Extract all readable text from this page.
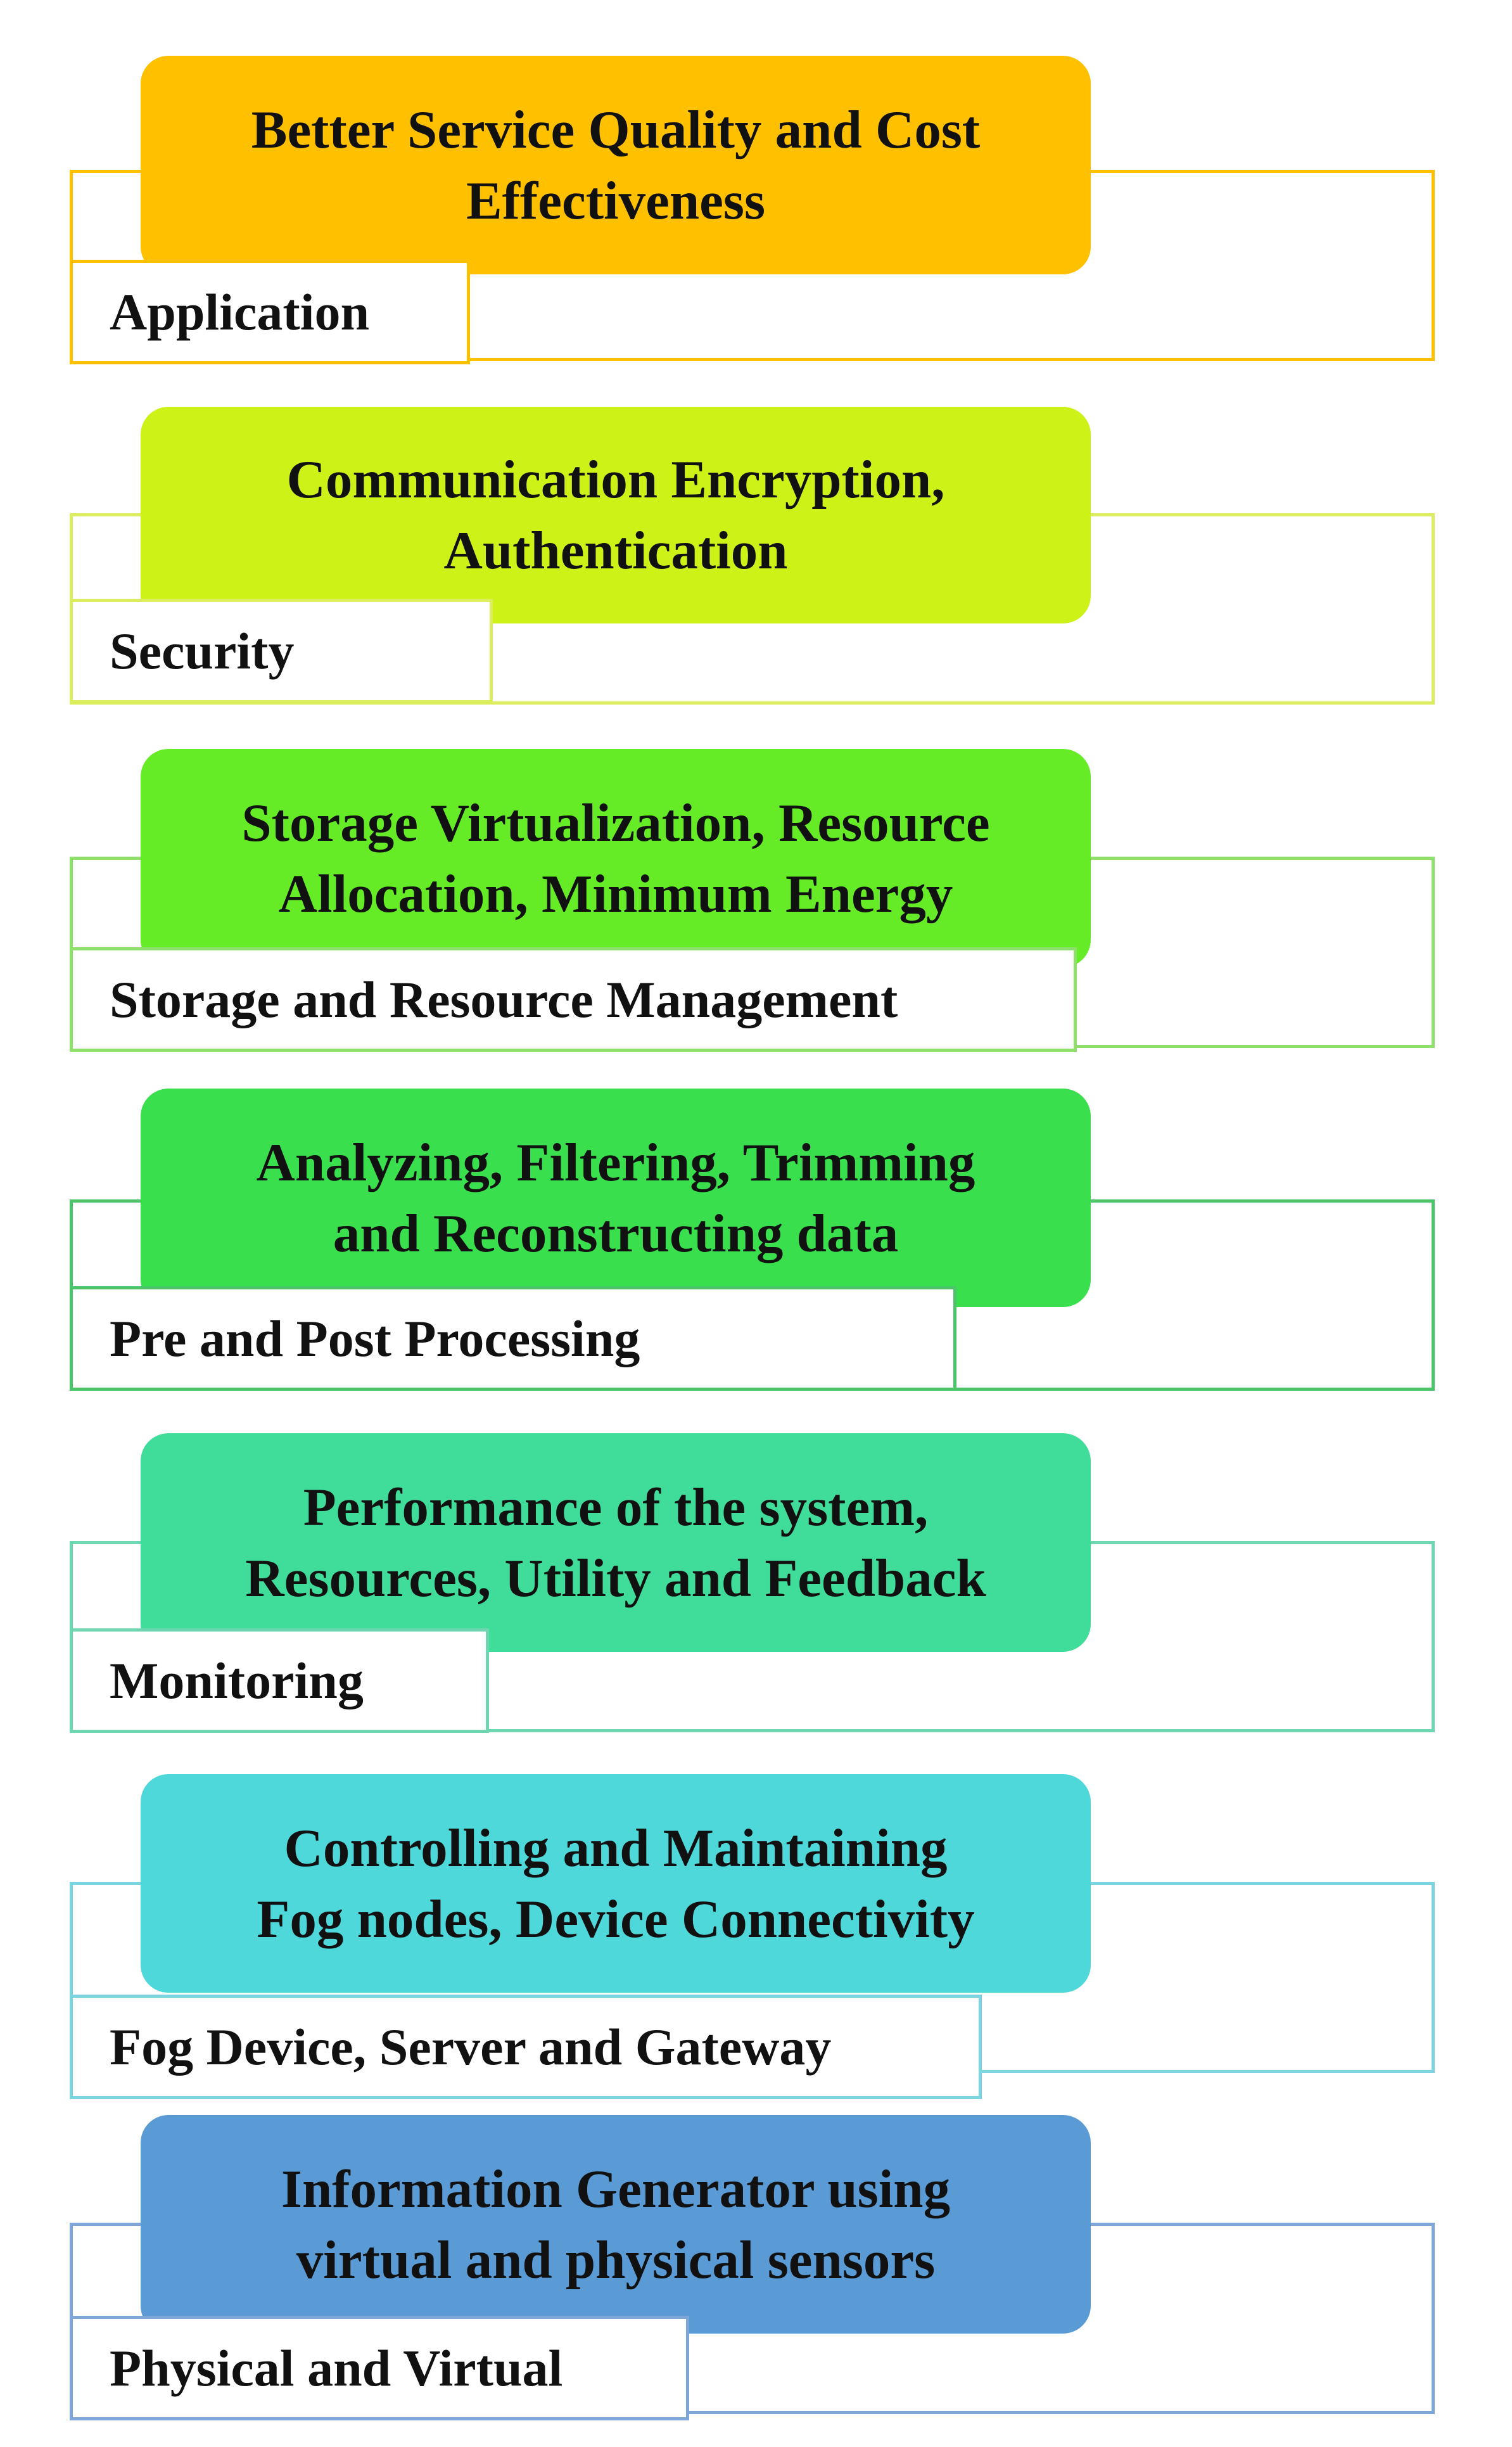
Better Service Quality and Cost
Effectiveness
Application
Communication Encryption,
Authentication
Security
Storage Virtualization, Resource
Allocation, Minimum Energy
Storage and Resource Management
Analyzing, Filtering, Trimming
and Reconstructing data
Pre and Post Processing
Performance of the system,
Resources, Utility and Feedback
Monitoring
Controlling and Maintaining
Fog nodes, Device Connectivity
Fog Device, Server and Gateway
Information Generator using
virtual and physical sensors
Physical and Virtual
